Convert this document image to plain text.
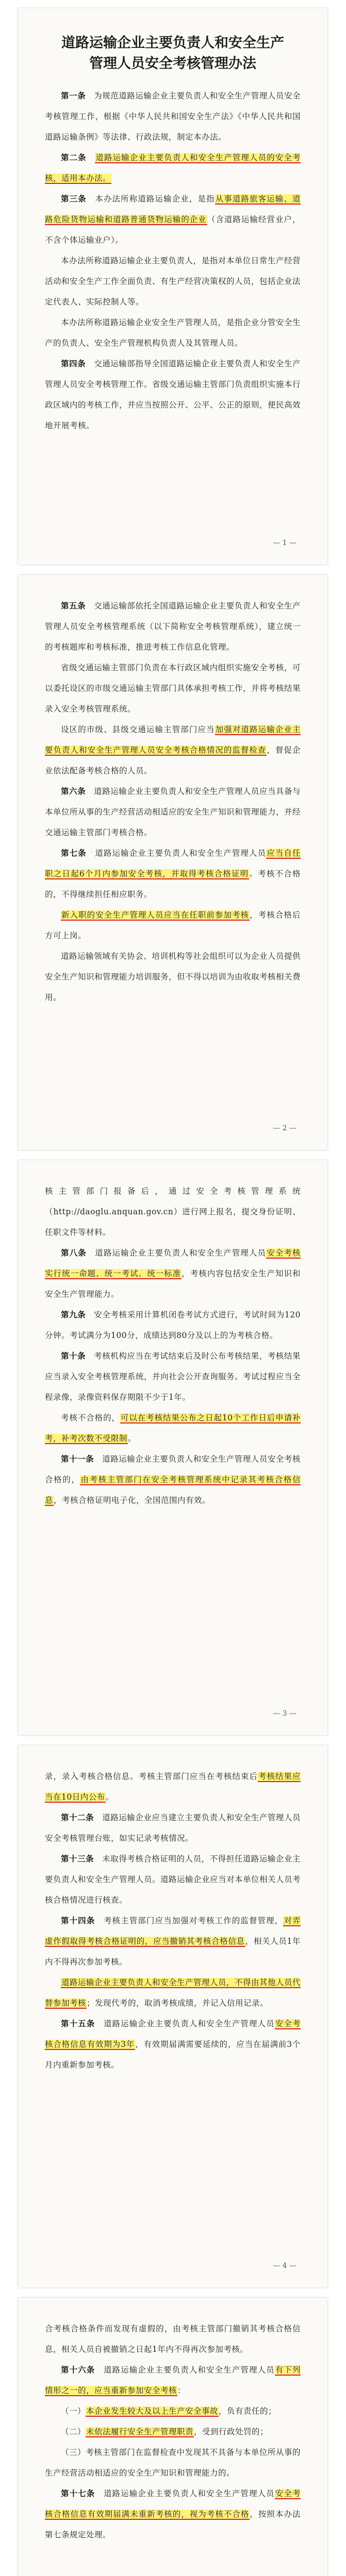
道路运输企业主要负责人和安全生产
管理人员安全考核管理办法

第一条　 为规范道路运输企业主要负责人和安全生产管理人员安全考核管理工作，根据《中华人民共和国安全生产法》《中华人民共和国道路运输条例》等法律、行政法规，制定本办法。

第二条　 道路运输企业主要负责人和安全生产管理人员的安全考核，适用本办法。

第三条　 本办法所称道路运输企业，是指从事道路旅客运输、道路危险货物运输和道路普通货物运输的企业（含道路运输经营业户，不含个体运输业户）。

本办法所称道路运输企业主要负责人，是指对本单位日常生产经营活动和安全生产工作全面负责、有生产经营决策权的人员，包括企业法定代表人、实际控制人等。

本办法所称道路运输企业安全生产管理人员，是指企业分管安全生产的负责人、安全生产管理机构负责人及其管理人员。

第四条　 交通运输部指导全国道路运输企业主要负责人和安全生产管理人员安全考核管理工作。省级交通运输主管部门负责组织实施本行政区域内的考核工作，并应当按照公开、公平、公正的原则，便民高效地开展考核。

— 1 —

第五条　 交通运输部依托全国道路运输企业主要负责人和安全生产管理人员安全考核管理系统（以下简称安全考核管理系统），建立统一的考核题库和考核标准，推进考核工作信息化管理。

省级交通运输主管部门负责在本行政区域内组织实施安全考核，可以委托设区的市级交通运输主管部门具体承担考核工作，并将考核结果录入安全考核管理系统。

设区的市级、县级交通运输主管部门应当加强对道路运输企业主要负责人和安全生产管理人员安全考核合格情况的监督检查，督促企业依法配备考核合格的人员。

第六条　 道路运输企业主要负责人和安全生产管理人员应当具备与本单位所从事的生产经营活动相适应的安全生产知识和管理能力，并经交通运输主管部门考核合格。

第七条　 道路运输企业主要负责人和安全生产管理人员应当自任职之日起6个月内参加安全考核，并取得考核合格证明。考核不合格的，不得继续担任相应职务。

新入职的安全生产管理人员应当在任职前参加考核，考核合格后方可上岗。

道路运输领域有关协会、培训机构等社会组织可以为企业人员提供安全生产知识和管理能力培训服务，但不得以培训为由收取考核相关费用。

— 2 —

核主管部门报备后，通过安全考核管理系统（http://daoglu.anquan.gov.cn）进行网上报名，提交身份证明、任职文件等材料。

第八条　 道路运输企业主要负责人和安全生产管理人员安全考核实行统一命题、统一考试、统一标准，考核内容包括安全生产知识和安全生产管理能力。

第九条　 安全考核采用计算机闭卷考试方式进行，考试时间为120分钟。考试满分为100分，成绩达到80分及以上的为考核合格。

第十条　 考核机构应当在考试结束后及时公布考核结果，考核结果应当录入安全考核管理系统，并向社会公开查询服务。考试过程应当全程录像，录像资料保存期限不少于1年。

考核不合格的，可以在考核结果公布之日起10个工作日后申请补考，补考次数不受限制。

第十一条　 道路运输企业主要负责人和安全生产管理人员安全考核合格的，由考核主管部门在安全考核管理系统中记录其考核合格信息，考核合格证明电子化，全国范围内有效。

— 3 —

录，录入考核合格信息。考核主管部门应当在考核结束后考核结果应当在10日内公布。

第十二条　 道路运输企业应当建立主要负责人和安全生产管理人员安全考核管理台账，如实记录考核情况。

第十三条　 未取得考核合格证明的人员，不得担任道路运输企业主要负责人和安全生产管理人员。道路运输企业应当对本单位相关人员考核合格情况进行核查。

第十四条　 考核主管部门应当加强对考核工作的监督管理，对弄虚作假取得考核合格证明的，应当撤销其考核合格信息，相关人员1年内不得再次参加考核。

道路运输企业主要负责人和安全生产管理人员，不得由其他人员代替参加考核；发现代考的，取消考核成绩，并记入信用记录。

第十五条　 道路运输企业主要负责人和安全生产管理人员安全考核合格信息有效期为3年，有效期届满需要延续的，应当在届满前3个月内重新参加考核。

— 4 —

合考核合格条件而发现有虚假的，由考核主管部门撤销其考核合格信息，相关人员自被撤销之日起1年内不得再次参加考核。

第十六条　 道路运输企业主要负责人和安全生产管理人员有下列情形之一的，应当重新参加安全考核：

（一）本企业发生较大及以上生产安全事故，负有责任的；

（二）未依法履行安全生产管理职责，受到行政处罚的；

（三）考核主管部门在监督检查中发现其不具备与本单位所从事的生产经营活动相适应的安全生产知识和管理能力的。

第十七条　 道路运输企业主要负责人和安全生产管理人员安全考核合格信息有效期届满未重新考核的，视为考核不合格，按照本办法第七条规定处理。
